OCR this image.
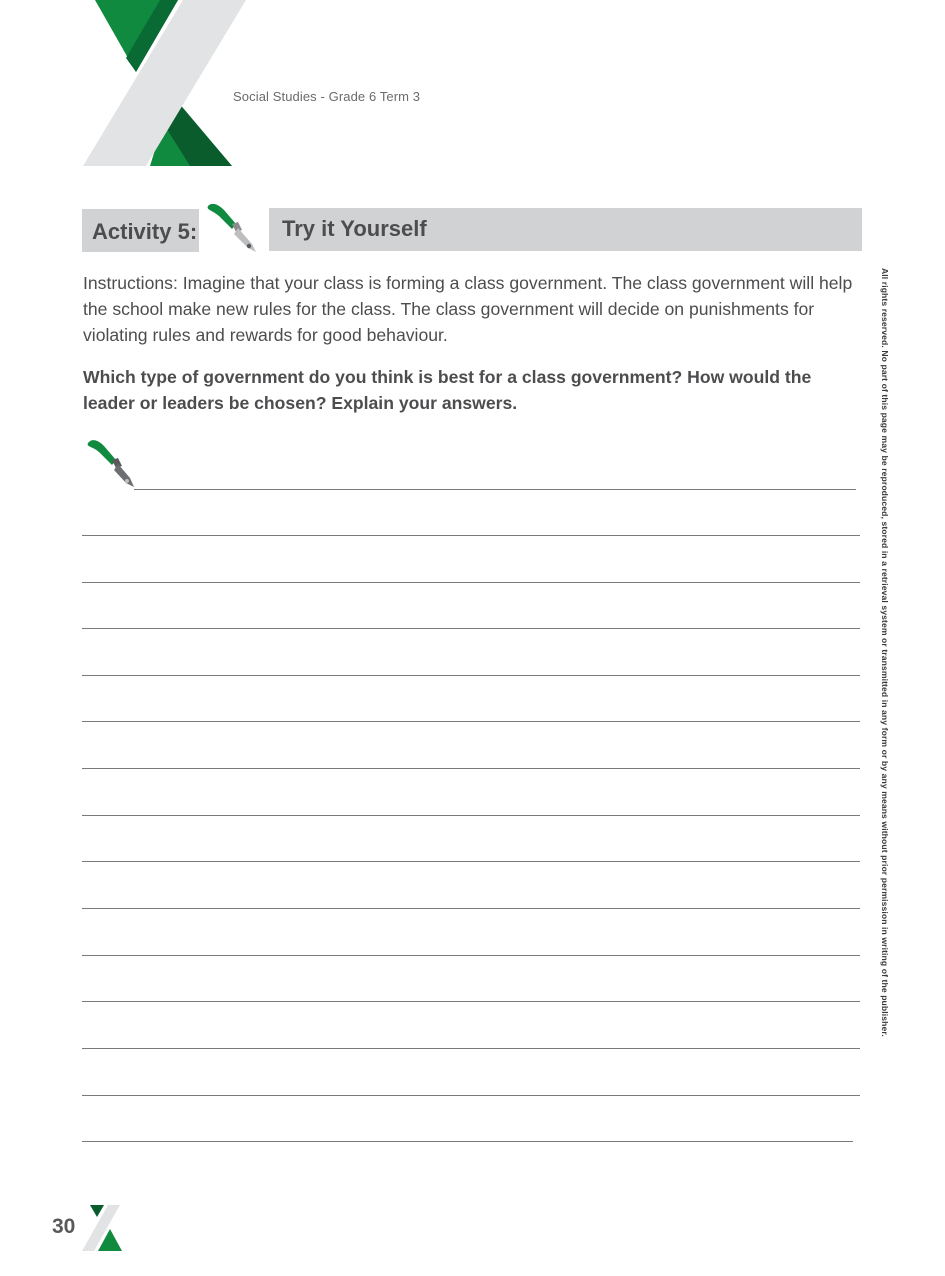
Social Studies - Grade 6 Term 3
Activity 5:	Try it Yourself
Instructions: Imagine that your class is forming a class government. The class government will help the school make new rules for the class. The class government will decide on punishments for violating rules and rewards for good behaviour.
Which type of government do you think is best for a class government? How would the leader or leaders be chosen? Explain your answers.	All rights reserved. No part of this page may be reproduced, stored in a retrieval system or transmitted in any form or by any means without prior permission in writing of the publisher.
30
